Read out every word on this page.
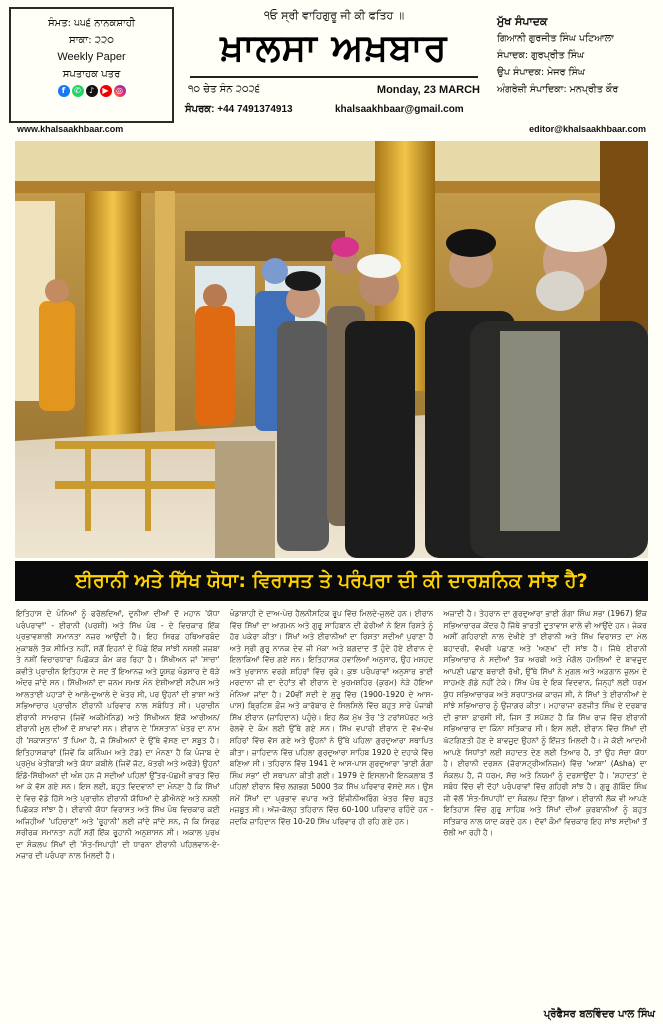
ਸੰਮਤ: ੫੫੬ ਨਾਨਕਸ਼ਾਹੀ
ਸਾਕਾ: ੨੨੦
Weekly Paper
ਸਪਤਾਹਕ ਪਤਰ
f	✆	♪	▶ ◎
੧ਓ ਸ੍ਰੀ ਵਾਹਿਗੁਰੂ ਜੀ ਕੀ ਫਤਿਹ ॥
ਖ਼ਾਲਸਾ ਅਖ਼ਬਾਰ
੧੦ ਚੇਤ ਸੰਨ ੨੦੨੬	Monday, 23 MARCH
ਮੁੱਖ ਸੰਪਾਦਕ
ਗਿਆਨੀ ਗੁਰਜੀਤ ਸਿੰਘ ਪਟਿਆਲਾ
ਸੰਪਾਦਕ: ਗੁਰਪ੍ਰੀਤ ਸਿੰਘ
ਉਪ ਸੰਪਾਦਕ: ਮੇਜਰ ਸਿੰਘ
ਅੰਗਰੇਜ਼ੀ ਸੰਪਾਦਿਕਾ: ਮਨਪ੍ਰੀਤ ਕੌਰ
ਸੰਪਰਕ: +44 7491374913	khalsaakhbaar@gmail.com
www.khalsaakhbaar.com	editor@khalsaakhbaar.com
ਈਰਾਨੀ ਅਤੇ ਸਿੱਖ ਯੋਧਾ: ਵਿਰਾਸਤ ਤੇ ਪਰੰਪਰਾ ਦੀ ਕੀ ਦਾਰਸ਼ਨਿਕ ਸਾਂਝ ਹੈ?
ਇਤਿਹਾਸ ਦੇ ਪੰਨਿਆਂ ਨੂੰ ਫਰੋਲਦਿਆਂ, ਦੁਨੀਆ ਦੀਆਂ ਦੋ ਮਹਾਨ 'ਯੋਧਾ ਪਰੰਪਰਾਵਾਂ' - ਈਰਾਨੀ (ਪਰਸ਼ੀ) ਅਤੇ ਸਿੱਖ ਪੰਥ - ਦੇ ਵਿਚਕਾਰ ਇੱਕ ਪ੍ਰਭਾਵਸ਼ਾਲੀ ਸਮਾਨਤਾ ਨਜ਼ਰ ਆਉਂਦੀ ਹੈ। ਇਹ ਸਿਰਫ਼ ਹਥਿਆਰਬੰਦ ਮੁਕਾਬਲੇ ਤੱਕ ਸੀਮਿਤ ਨਹੀਂ, ਸਗੋਂ ਇਹਨਾਂ ਦੇ ਪਿੱਛੇ ਇੱਕ ਸਾਂਝੀ ਨਸਲੀ ਜਜ਼ਬਾ ਤੇ ਨਸ਼ੀਂ ਵਿਚਾਰਧਾਰਾ ਪਿਛੋਕੜ ਕੰਮ ਕਰ ਰਿਹਾ ਹੈ। ਸਿੱਖੀਅਨ ਜਾਂ 'ਸਾਚਾ' ਕਵੀਤੇ ਪ੍ਰਾਚੀਨ ਇਤਿਹਾਸ ਦੇ ਸਦ ਤੋਂ ਇਆਨਜ਼ ਅਤੇ ਯੂਸਫ਼ ਖੰਡਸਾਰ ਦੇ ਥੋੜੇ ਅੰਦਰ ਜਾਂਦੇ ਸਨ। ਸਿੱਖੀਅਨਾਂ ਦਾ ਜਨਮ ਸਮਝ ਮੰਨ ਏਸ਼ੀਆਈ ਸਟੈਪਸ ਅਤੇ ਆਲਤਾਈ ਪਹਾੜਾਂ ਦੇ ਆਲੇ-ਦੁਆਲੇ ਦੇ ਖੇਤਰ ਸੀ, ਪਰ ਉਹਨਾਂ ਦੀ ਭਾਸ਼ਾ ਅਤੇ ਸਭਿਆਚਾਰ ਪ੍ਰਾਚੀਨ ਈਰਾਨੀ ਪਰਿਵਾਰ ਨਾਲ ਸਬੰਧਿਤ ਸੀ। ਪ੍ਰਾਚੀਨ ਈਰਾਨੀ ਸਾਮਰਾਜ (ਜਿਵੇਂ ਅਕੀਮੇਨਿਡ) ਅਤੇ ਸਿੱਖੀਅਨ ਇੱਕੋ ਆਰੀਅਨ/ਈਰਾਨੀ ਮੂਲ ਦੀਆਂ ਦੋ ਸ਼ਾਖਾਵਾਂ ਸਨ। ਈਰਾਨ ਦੇ 'ਸਿਸਤਾਨ' ਖੇਤਰ ਦਾ ਨਾਮ ਹੀ 'ਸਕਾਸਤਾਨ' ਤੋਂ ਪਿਆ ਹੈ, ਜੋ ਸਿੱਖੀਅਨਾਂ ਦੇ ਉੱਥੇ ਵੱਸਣ ਦਾ ਸਬੂਤ ਹੈ। ਇਤਿਹਾਸਕਾਰਾਂ (ਜਿਵੇਂ ਕਿ ਕਨਿੰਘਮ ਅਤੇ ਟੋਡ) ਦਾ ਮੰਨਣਾ ਹੈ ਕਿ ਪੰਜਾਬ ਦੇ ਪ੍ਰਮੁੱਖ ਖੇਤੀਬਾੜੀ ਅਤੇ ਯੋਧਾ ਕਬੀਲੇ (ਜਿਵੇਂ ਜੱਟ, ਖੱਤਰੀ ਅਤੇ ਅਰੋੜੇ) ਉਹਨਾਂ ਇੰਡੋ-ਸਿੱਥੀਅਨਾਂ ਦੀ ਅੰਸ਼ ਹਨ ਜੋ ਸਦੀਆਂ ਪਹਿਲਾਂ ਉੱਤਰ-ਪੱਛਮੀ ਭਾਰਤ ਵਿੱਚ ਆ ਕੇ ਵੱਸ ਗਏ ਸਨ। ਇਸ ਲਈ, ਬਹੁਤ ਵਿਦਵਾਨਾਂ ਦਾ ਮੰਨਣਾ ਹੈ ਕਿ ਸਿੱਖਾਂ ਦੇ ਵਿਚ ਵੱਡੇ ਹਿੱਸੇ ਅਤੇ ਪ੍ਰਾਚੀਨ ਈਰਾਨੀ ਯੋਧਿਆਂ ਦੇ ਡੀਐਨਏ ਅਤੇ ਨਸਲੀ ਪਿਛੋਕੜ ਸਾਂਝਾ ਹੈ। ਈਰਾਨੀ ਯੋਧਾ ਵਿਰਾਸਤ ਅਤੇ ਸਿੱਖ ਪੰਥ ਵਿਚਕਾਰ ਕਈ ਅਜਿਹੀਆਂ 'ਪਹਿਚਾਣਾਂ' ਅਤੇ 'ਰੂਹਾਨੀ' ਲਈ ਜਾਂਦੇ ਜਾਂਦੇ ਸਨ, ਜੋ ਕਿ ਸਿਰਫ਼ ਸਰੀਰਕ ਸਮਾਨਤਾ ਨਹੀਂ ਸਗੋਂ ਇੱਕ ਰੂਹਾਨੀ ਅਨੁਸ਼ਾਸਨ ਸੀ। ਅਕਾਲ ਪੁਰਖ ਦਾ ਸੰਕਲਪ ਸਿੱਖਾਂ ਦੀ 'ਸੰਤ-ਸਿਪਾਹੀ' ਦੀ ਧਾਰਨਾ ਈਰਾਨੀ ਪਹਿਲਵਾਨ-ਏ-ਮਜ਼ਾਰ ਦੀ ਪਰੰਪਰਾ ਨਾਲ ਮਿਲਦੀ ਹੈ।
ਖੰਡਾਸ਼ਾਹੀ ਦੇ ਦਾਅ-ਪੇਚ ਹੈਲਨੀਸਟਿਕ ਰੂਪ ਵਿੱਚ ਮਿਲਦੇ-ਜੁਲਦੇ ਹਨ। ਈਰਾਨ ਵਿੱਚ ਸਿੱਖਾਂ ਦਾ ਆਗਮਨ ਅਤੇ ਗੁਰੂ ਸਾਹਿਬਾਨ ਦੀ ਫੇਰੀਆਂ ਨੇ ਇਸ ਰਿਸ਼ਤੇ ਨੂੰ ਹੋਰ ਪਕੇਰਾ ਕੀਤਾ। ਸਿੱਖਾਂ ਅਤੇ ਈਰਾਨੀਆਂ ਦਾ ਰਿਸ਼ਤਾ ਸਦੀਆਂ ਪੁਰਾਣਾ ਹੈ ਅਤੇ ਸ੍ਰੀ ਗੁਰੂ ਨਾਨਕ ਦੇਵ ਜੀ ਮੱਕਾ ਅਤੇ ਬਗਦਾਦ ਤੋਂ ਹੁੰਦੇ ਹੋਏ ਈਰਾਨ ਦੇ ਇਲਾਕਿਆਂ ਵਿੱਚ ਗਏ ਸਨ। ਇਤਿਹਾਸਕ ਹਵਾਲਿਆਂ ਅਨੁਸਾਰ, ਉਹ ਮਸ਼ਹਦ ਅਤੇ ਖੁਰਾਸਾਨ ਵਰਗੇ ਸ਼ਹਿਰਾਂ ਵਿੱਚ ਰੁਕੇ। ਕੁਝ ਪਰੰਪਰਾਵਾਂ ਅਨੁਸਾਰ ਭਾਈ ਮਰਦਾਨਾ ਜੀ ਦਾ ਦੇਹਾਂਤ ਵੀ ਈਰਾਨ ਦੇ ਖੁਰਮਸ਼ਹਿਰ (ਕੁਰਮ) ਨੇੜੇ ਹੋਇਆ ਮੰਨਿਆ ਜਾਂਦਾ ਹੈ। 20ਵੀਂ ਸਦੀ ਦੇ ਸ਼ੁਰੂ ਵਿੱਚ (1900-1920 ਦੇ ਆਸ-ਪਾਸ) ਬ੍ਰਿਟਿਸ਼ ਫ਼ੌਜ ਅਤੇ ਕਾਰੋਬਾਰ ਦੇ ਸਿਲਸਿਲੇ ਵਿੱਚ ਬਹੁਤ ਸਾਰੇ ਪੰਜਾਬੀ ਸਿੱਖ ਈਰਾਨ (ਜ਼ਾਹਿਦਾਨ) ਪਹੁੰਚੇ। ਇਹ ਲੋਕ ਮੁੱਖ ਤੌਰ 'ਤੇ ਟਰਾਂਸਪੋਰਟ ਅਤੇ ਰੇਲਵੇ ਦੇ ਕੰਮ ਲਈ ਉੱਥੇ ਗਏ ਸਨ। ਸਿੱਖ ਵਪਾਰੀ ਈਰਾਨ ਦੇ ਵੱਖ-ਵੱਖ ਸ਼ਹਿਰਾਂ ਵਿੱਚ ਵੱਸ ਗਏ ਅਤੇ ਉਹਨਾਂ ਨੇ ਉੱਥੇ ਪਹਿਲਾ ਗੁਰਦੁਆਰਾ ਸਥਾਪਿਤ ਕੀਤਾ। ਜ਼ਾਹਿਦਾਨ ਵਿੱਚ ਪਹਿਲਾ ਗੁਰਦੁਆਰਾ ਸਾਹਿਬ 1920 ਦੇ ਦਹਾਕੇ ਵਿੱਚ ਬਣਿਆ ਸੀ। ਤਹਿਰਾਨ ਵਿੱਚ 1941 ਦੇ ਆਸ-ਪਾਸ ਗੁਰਦੁਆਰਾ 'ਭਾਈ ਗੰਗਾ ਸਿੰਘ ਸਭਾ' ਦੀ ਸਥਾਪਨਾ ਕੀਤੀ ਗਈ। 1979 ਦੇ ਇਸਲਾਮੀ ਇਨਕਲਾਬ ਤੋਂ ਪਹਿਲਾਂ ਈਰਾਨ ਵਿੱਚ ਲਗਭਗ 5000 ਤੱਕ ਸਿੱਖ ਪਰਿਵਾਰ ਵੱਸਦੇ ਸਨ। ਉਸ ਸਮੇਂ ਸਿੱਖਾਂ ਦਾ ਪ੍ਰਭਾਵ ਵਪਾਰ ਅਤੇ ਇੰਜੀਨੀਅਰਿੰਗ ਖੇਤਰ ਵਿੱਚ ਬਹੁਤ ਮਜ਼ਬੂਤ ਸੀ। ਅੱਜ-ਕੱਲ੍ਹ ਤਹਿਰਾਨ ਵਿੱਚ 60-100 ਪਰਿਵਾਰ ਰਹਿੰਦੇ ਹਨ - ਜਦਕਿ ਜ਼ਾਹਿਦਾਨ ਵਿੱਚ 10-20 ਸਿੱਖ ਪਰਿਵਾਰ ਹੀ ਰਹਿ ਗਏ ਹਨ।
ਅਜ਼ਾਦੀ ਹੈ। ਤੇਹਰਾਨ ਦਾ ਗੁਰਦੁਆਰਾ ਭਾਈ ਗੰਗਾ ਸਿੰਘ ਸਭਾ (1967) ਇੱਕ ਸਭਿਆਚਾਰਕ ਕੇਂਦਰ ਹੈ ਜਿੱਥੇ ਭਾਰਤੀ ਦੂਤਾਵਾਸ ਵਾਲੇ ਵੀ ਆਉਂਦੇ ਹਨ। ਜੇਕਰ ਅਸੀਂ ਗਹਿਰਾਈ ਨਾਲ ਦੇਖੀਏ ਤਾਂ ਈਰਾਨੀ ਅਤੇ ਸਿੱਖ ਵਿਰਾਸਤ ਦਾ ਮੇਲ ਬਹਾਦਰੀ, ਵੱਖਰੀ ਪਛਾਣ ਅਤੇ 'ਅਣਖ' ਦੀ ਸਾਂਝ ਹੈ। ਜਿੱਥੇ ਈਰਾਨੀ ਸਭਿਆਚਾਰ ਨੇ ਸਦੀਆਂ ਤੱਕ ਅਰਬੀ ਅਤੇ ਮੰਗੋਲ ਹਮਲਿਆਂ ਦੇ ਬਾਵਜੂਦ ਆਪਣੀ ਪਛਾਣ ਬਚਾਈ ਰੱਖੀ, ਉੱਥੇ ਸਿੱਖਾਂ ਨੇ ਮੁਗਲ ਅਤੇ ਅਫ਼ਗਾਨ ਜ਼ੁਲਮ ਦੇ ਸਾਹਮਣੇ ਗੋਡੇ ਨਹੀਂ ਟੇਕੇ। ਸਿੱਖ ਪੰਥ ਦੇ ਇਕ ਵਿਦਵਾਨ, ਜਿਨ੍ਹਾਂ ਲਈ ਧਰਮ ਯੁੱਧ ਸਭਿਆਚਾਰਕ ਅਤੇ ਸ਼ਰਧਾਤਮਕ ਕਾਰਜ ਸੀ, ਨੇ ਸਿੱਖਾਂ ਤੇ ਈਰਾਨੀਆਂ ਦੇ ਸਾਂਝੇ ਸਭਿਆਚਾਰ ਨੂੰ ਉਜਾਗਰ ਕੀਤਾ। ਮਹਾਰਾਜਾ ਰਣਜੀਤ ਸਿੰਘ ਦੇ ਦਰਬਾਰ ਦੀ ਭਾਸ਼ਾ ਫ਼ਾਰਸੀ ਸੀ, ਜਿਸ ਤੋਂ ਸਪੱਸ਼ਟ ਹੈ ਕਿ ਸਿੱਖ ਰਾਜ ਵਿੱਚ ਈਰਾਨੀ ਸਭਿਆਚਾਰ ਦਾ ਕਿੰਨਾ ਸਤਿਕਾਰ ਸੀ। ਇਸ ਲਈ, ਈਰਾਨ ਵਿੱਚ ਸਿੱਖਾਂ ਦੀ ਘੱਟਗਿਣਤੀ ਹੋਣ ਦੇ ਬਾਵਜੂਦ ਉਹਨਾਂ ਨੂੰ ਇੱਜ਼ਤ ਮਿਲਦੀ ਹੈ। ਜੇ ਕੋਈ ਆਦਮੀ ਆਪਣੇ ਸਿਧਾਂਤਾਂ ਲਈ ਸ਼ਹਾਦਤ ਦੇਣ ਲਈ ਤਿਆਰ ਹੈ, ਤਾਂ ਉਹ ਸੱਚਾ ਯੋਧਾ ਹੈ। ਈਰਾਨੀ ਦਰਸ਼ਨ (ਜ਼ੋਰਾਸਟ੍ਰੀਅਨਿਜ਼ਮ) ਵਿੱਚ 'ਆਸ਼ਾ' (Asha) ਦਾ ਸੰਕਲਪ ਹੈ, ਜੋ ਧਰਮ, ਸੱਚ ਅਤੇ ਨਿਯਮਾਂ ਨੂੰ ਦਰਸਾਉਂਦਾ ਹੈ। 'ਸ਼ਹਾਦਤ' ਦੇ ਸਬੰਧ ਵਿੱਚ ਵੀ ਦੋਹਾਂ ਪਰੰਪਰਾਵਾਂ ਵਿੱਚ ਗਹਿਰੀ ਸਾਂਝ ਹੈ। ਗੁਰੂ ਗੋਬਿੰਦ ਸਿੰਘ ਜੀ ਵੱਲੋਂ 'ਸੰਤ-ਸਿਪਾਹੀ' ਦਾ ਸੰਕਲਪ ਦਿੱਤਾ ਗਿਆ। ਈਰਾਨੀ ਲੋਕ ਵੀ ਆਪਣੇ ਇਤਿਹਾਸ ਵਿੱਚ ਗੁਰੂ ਸਾਹਿਬ ਅਤੇ ਸਿੱਖਾਂ ਦੀਆਂ ਕੁਰਬਾਨੀਆਂ ਨੂੰ ਬਹੁਤ ਸਤਿਕਾਰ ਨਾਲ ਯਾਦ ਕਰਦੇ ਹਨ। ਦੋਵਾਂ ਕੌਮਾਂ ਵਿਚਕਾਰ ਇਹ ਸਾਂਝ ਸਦੀਆਂ ਤੋਂ ਚੱਲੀ ਆ ਰਹੀ ਹੈ।
ਪ੍ਰੋਫੈਸਰ ਬਲਵਿੰਦਰ ਪਾਲ ਸਿੰਘ
